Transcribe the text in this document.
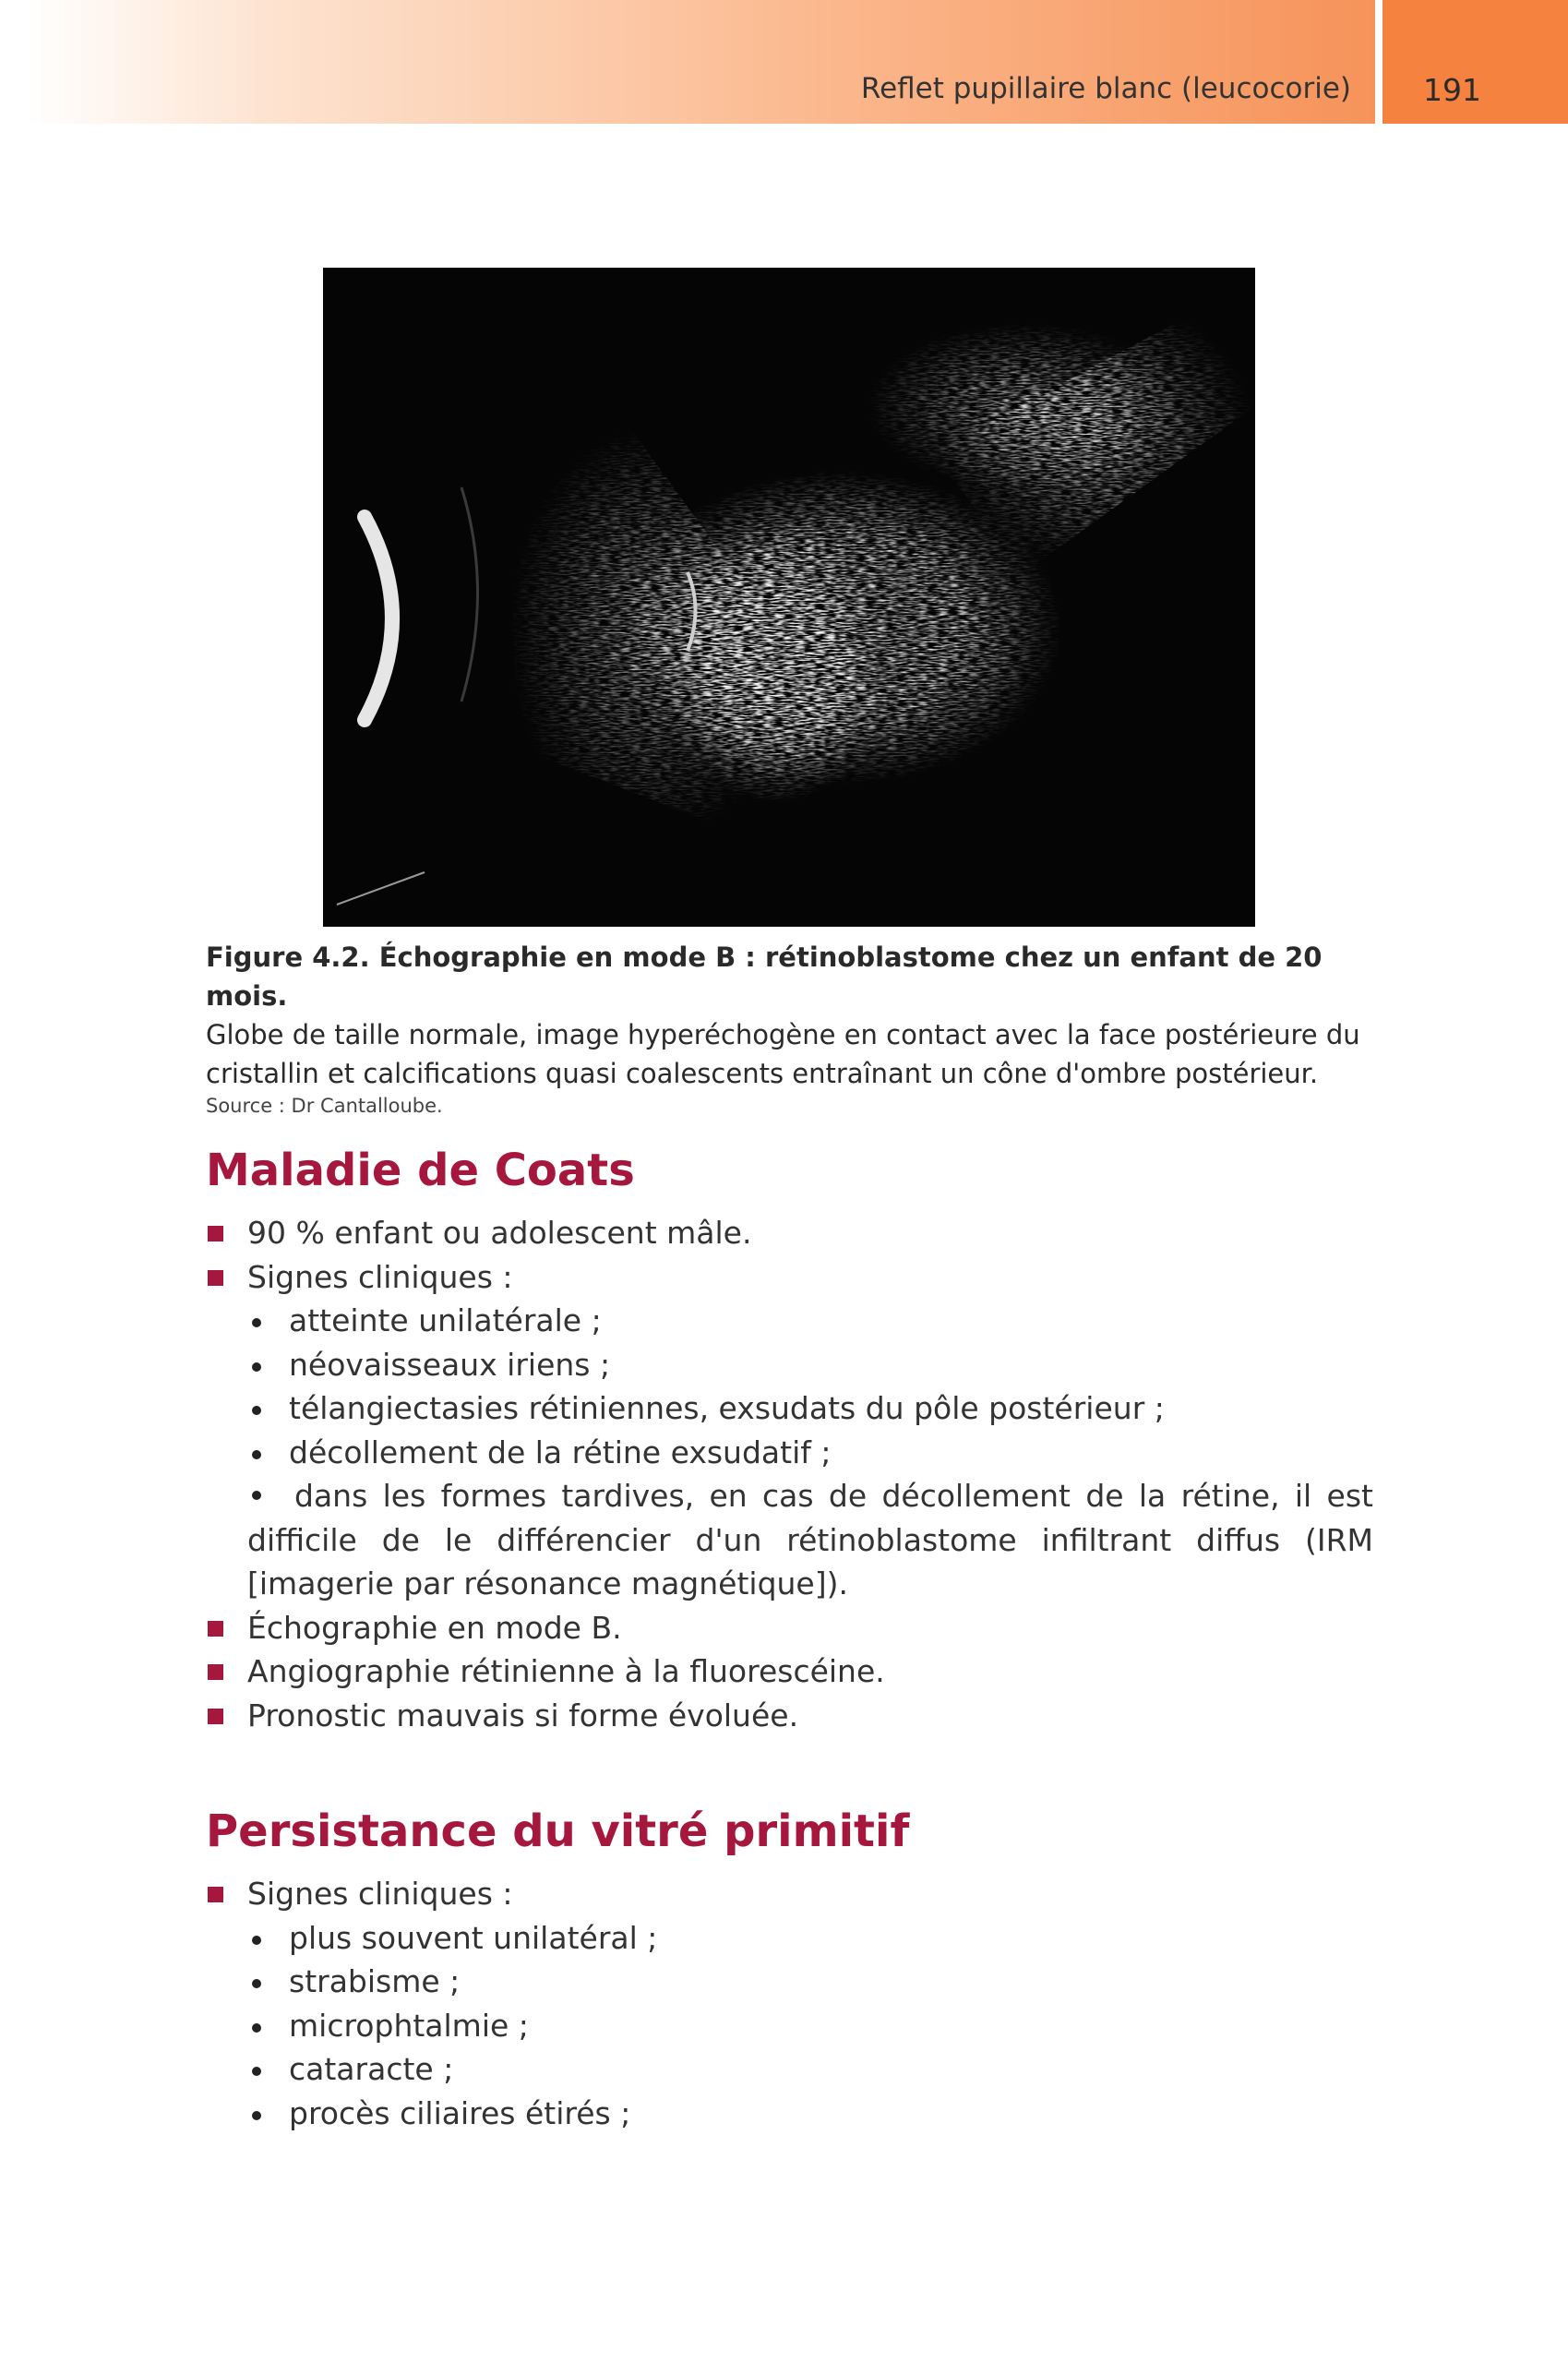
Reflet pupillaire blanc (leucocorie) 191
Figure 4.2. Échographie en mode B : rétinoblastome chez un enfant de 20 mois.
Globe de taille normale, image hyperéchogène en contact avec la face postérieure du cristallin et calcifications quasi coalescents entraînant un cône d'ombre postérieur.
Source : Dr Cantalloube.
Maladie de Coats
90 % enfant ou adolescent mâle.
Signes cliniques :
atteinte unilatérale ;
néovaisseaux iriens ;
télangiectasies rétiniennes, exsudats du pôle postérieur ;
décollement de la rétine exsudatif ;
dans les formes tardives, en cas de décollement de la rétine, il est difficile de le différencier d'un rétinoblastome infiltrant diffus (IRM [imagerie par résonance magnétique]).
Échographie en mode B.
Angiographie rétinienne à la fluorescéine.
Pronostic mauvais si forme évoluée.
Persistance du vitré primitif
Signes cliniques :
plus souvent unilatéral ;
strabisme ;
microphtalmie ;
cataracte ;
procès ciliaires étirés ;
